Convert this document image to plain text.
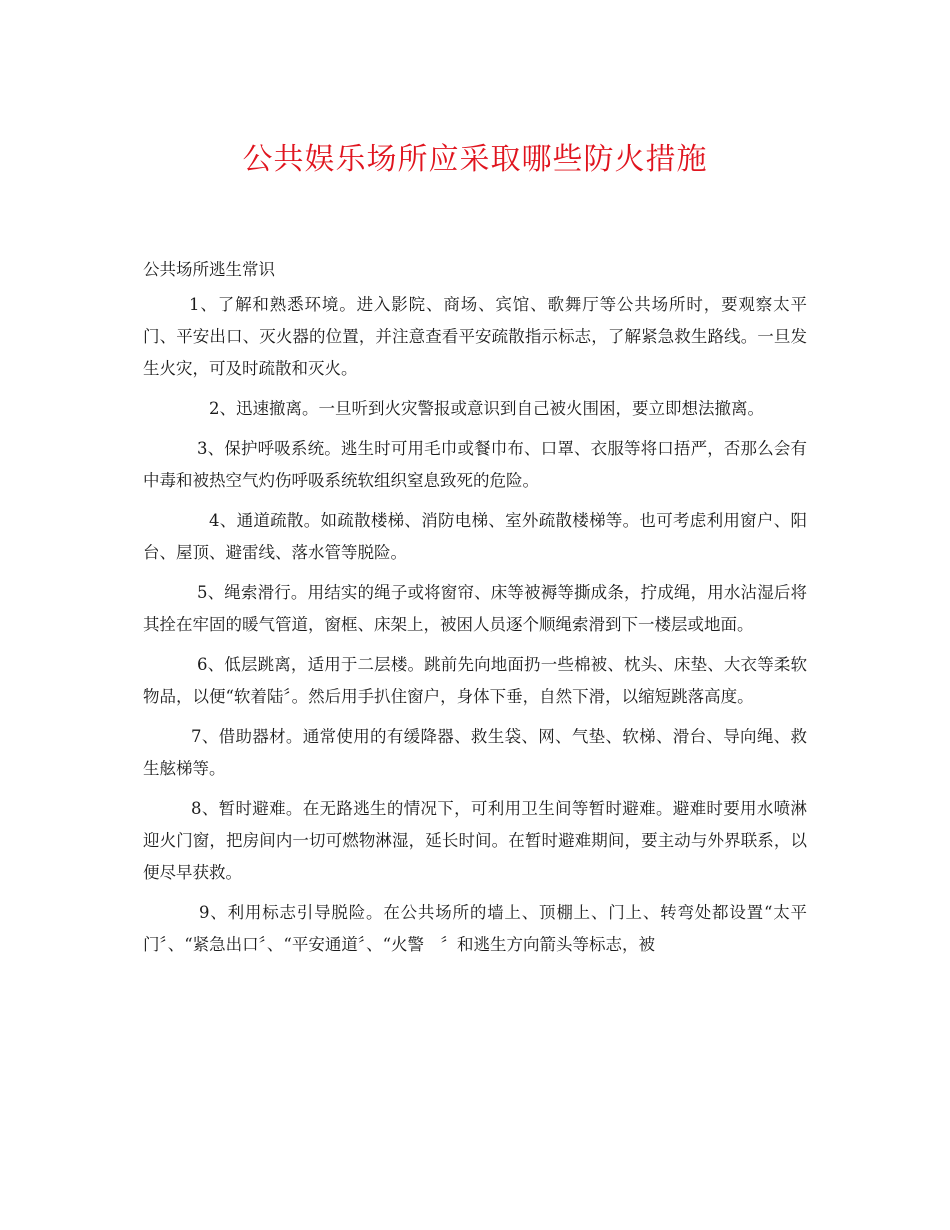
公共娱乐场所应采取哪些防火措施

公共场所逃生常识

1、了解和熟悉环境。进入影院、商场、宾馆、歌舞厅等公共场所时，要观察太平门、平安出口、灭火器的位置，并注意查看平安疏散指示标志，了解紧急救生路线。一旦发生火灾，可及时疏散和灭火。

2、迅速撤离。一旦听到火灾警报或意识到自己被火围困，要立即想法撤离。

3、保护呼吸系统。逃生时可用毛巾或餐巾布、口罩、衣服等将口捂严，否那么会有中毒和被热空气灼伤呼吸系统软组织窒息致死的危险。

4、通道疏散。如疏散楼梯、消防电梯、室外疏散楼梯等。也可考虑利用窗户、阳台、屋顶、避雷线、落水管等脱险。

5、绳索滑行。用结实的绳子或将窗帘、床等被褥等撕成条，拧成绳，用水沾湿后将其拴在牢固的暖气管道，窗框、床架上，被困人员逐个顺绳索滑到下一楼层或地面。

6、低层跳离，适用于二层楼。跳前先向地面扔一些棉被、枕头、床垫、大衣等柔软物品，以便“软着陆〞。然后用手扒住窗户，身体下垂，自然下滑，以缩短跳落高度。

7、借助器材。通常使用的有缓降器、救生袋、网、气垫、软梯、滑台、导向绳、救生舷梯等。

8、暂时避难。在无路逃生的情况下，可利用卫生间等暂时避难。避难时要用水喷淋迎火门窗，把房间内一切可燃物淋湿，延长时间。在暂时避难期间，要主动与外界联系，以便尽早获救。

9、利用标志引导脱险。在公共场所的墙上、顶棚上、门上、转弯处都设置“太平门〞、“紧急出口〞、“平安通道〞、“火警　〞和逃生方向箭头等标志，被
